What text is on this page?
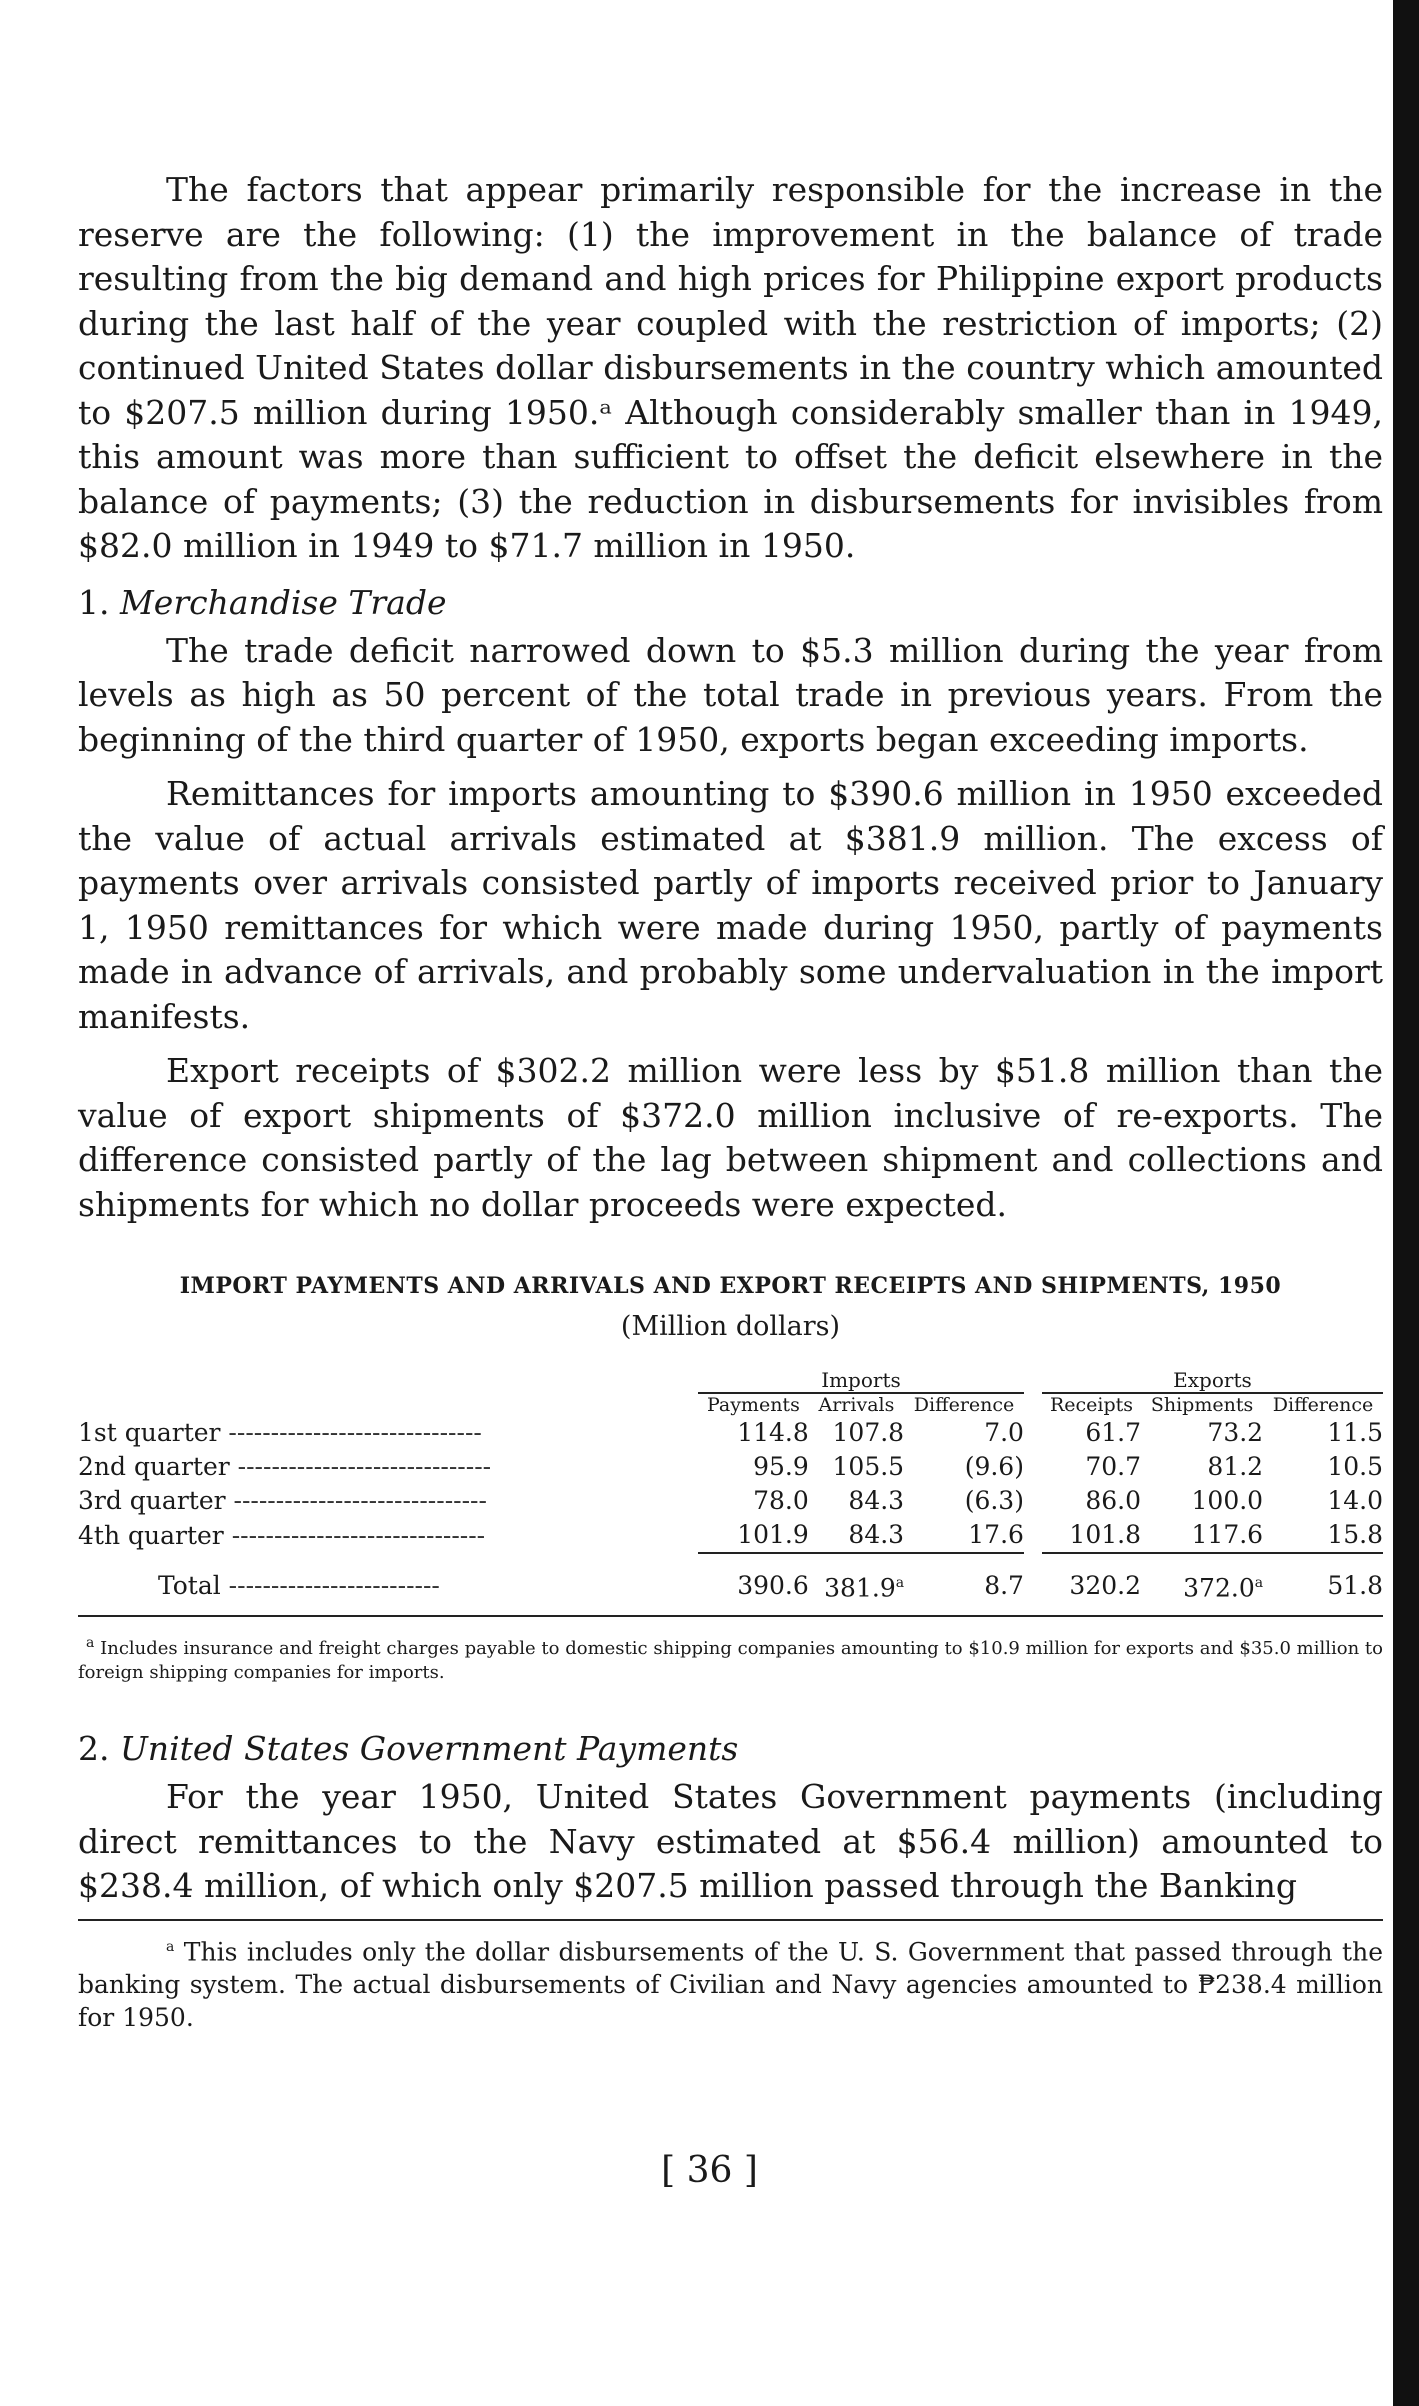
The factors that appear primarily responsible for the increase in the reserve are the following: (1) the improvement in the balance of trade resulting from the big demand and high prices for Philippine export products during the last half of the year coupled with the restriction of imports; (2) continued United States dollar disbursements in the country which amounted to $207.5 million during 1950.ᵃ Although considerably smaller than in 1949, this amount was more than sufficient to offset the deficit elsewhere in the balance of payments; (3) the reduction in disbursements for invisibles from $82.0 million in 1949 to $71.7 million in 1950.

1. Merchandise Trade

The trade deficit narrowed down to $5.3 million during the year from levels as high as 50 percent of the total trade in previous years. From the beginning of the third quarter of 1950, exports began exceeding imports.

Remittances for imports amounting to $390.6 million in 1950 exceeded the value of actual arrivals estimated at $381.9 million. The excess of payments over arrivals consisted partly of imports received prior to January 1, 1950 remittances for which were made during 1950, partly of payments made in advance of arrivals, and probably some undervaluation in the import manifests.

Export receipts of $302.2 million were less by $51.8 million than the value of export shipments of $372.0 million inclusive of re-exports. The difference consisted partly of the lag between shipment and collections and shipments for which no dollar proceeds were expected.

IMPORT PAYMENTS AND ARRIVALS AND EXPORT RECEIPTS AND SHIPMENTS, 1950
(Million dollars)

	Imports				Exports		

	Payments	Arrivals	Difference		Receipts	Shipments	Difference
1st quarter ------------------------------	114.8	107.8	7.0		61.7	73.2	11.5
2nd quarter ------------------------------	95.9	105.5	(9.6)		70.7	81.2	10.5
3rd quarter ------------------------------	78.0	84.3	(6.3)		86.0	100.0	14.0
4th quarter ------------------------------	101.9	84.3	17.6		101.8	117.6	15.8
Total -------------------------	390.6	381.9$^a$	8.7		320.2	372.0$^a$	51.8

$^a$ Includes insurance and freight charges payable to domestic shipping companies amounting to $10.9 million for exports and $35.0 million to foreign shipping companies for imports.

2. United States Government Payments

For the year 1950, United States Government payments (including direct remittances to the Navy estimated at $56.4 million) amounted to $238.4 million, of which only $207.5 million passed through the Banking

$^a$ This includes only the dollar disbursements of the U. S. Government that passed through the banking system. The actual disbursements of Civilian and Navy agencies amounted to ₱238.4 million for 1950.

[ 36 ]
